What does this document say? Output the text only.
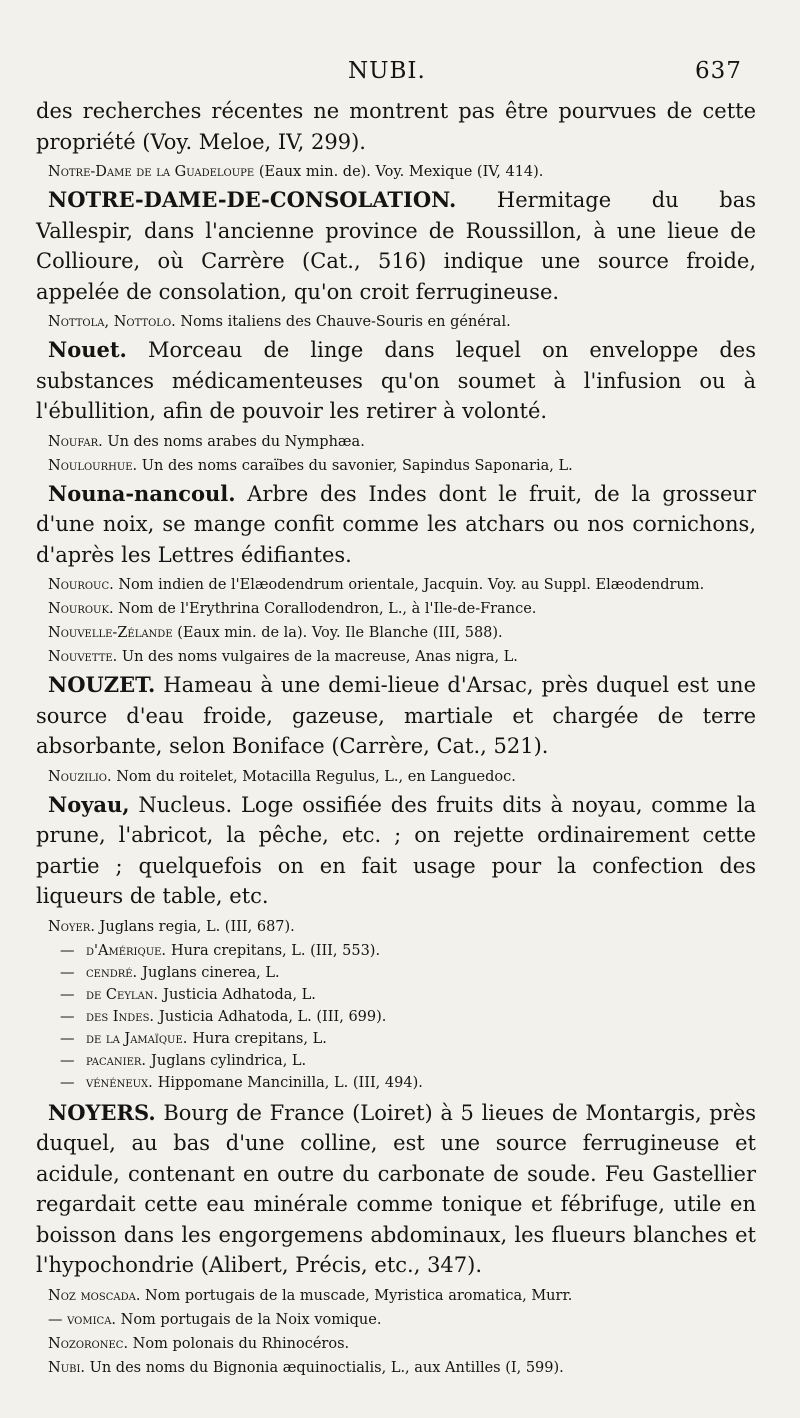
NUBI.	637
des recherches récentes ne montrent pas être pourvues de cette propriété (Voy. Meloe, IV, 299).
Notre-Dame de la Guadeloupe (Eaux min. de). Voy. Mexique (IV, 414).
NOTRE-DAME-DE-CONSOLATION. Hermitage du bas Vallespir, dans l'ancienne province de Roussillon, à une lieue de Collioure, où Carrère (Cat., 516) indique une source froide, appelée de consolation, qu'on croit ferrugineuse.
Nottola, Nottolo. Noms italiens des Chauve-Souris en général.
Nouet. Morceau de linge dans lequel on enveloppe des substances médicamenteuses qu'on soumet à l'infusion ou à l'ébullition, afin de pouvoir les retirer à volonté.
Noufar. Un des noms arabes du Nymphæa.
Noulourhue. Un des noms caraïbes du savonier, Sapindus Saponaria, L.
Nouna-nancoul. Arbre des Indes dont le fruit, de la grosseur d'une noix, se mange confit comme les atchars ou nos cornichons, d'après les Lettres édifiantes.
Nourouc. Nom indien de l'Elæodendrum orientale, Jacquin. Voy. au Suppl. Elæodendrum.
Nourouk. Nom de l'Erythrina Corallodendron, L., à l'Ile-de-France.
Nouvelle-Zélande (Eaux min. de la). Voy. Ile Blanche (III, 588).
Nouvette. Un des noms vulgaires de la macreuse, Anas nigra, L.
NOUZET. Hameau à une demi-lieue d'Arsac, près duquel est une source d'eau froide, gazeuse, martiale et chargée de terre absorbante, selon Boniface (Carrère, Cat., 521).
Nouzilio. Nom du roitelet, Motacilla Regulus, L., en Languedoc.
Noyau, Nucleus. Loge ossifiée des fruits dits à noyau, comme la prune, l'abricot, la pêche, etc. ; on rejette ordinairement cette partie ; quelquefois on en fait usage pour la confection des liqueurs de table, etc.
Noyer. Juglans regia, L. (III, 687).
— d'Amérique. Hura crepitans, L. (III, 553).
— cendré. Juglans cinerea, L.
— de Ceylan. Justicia Adhatoda, L.
— des Indes. Justicia Adhatoda, L. (III, 699).
— de la Jamaïque. Hura crepitans, L.
— pacanier. Juglans cylindrica, L.
— vénéneux. Hippomane Mancinilla, L. (III, 494).
NOYERS. Bourg de France (Loiret) à 5 lieues de Montargis, près duquel, au bas d'une colline, est une source ferrugineuse et acidule, contenant en outre du carbonate de soude. Feu Gastellier regardait cette eau minérale comme tonique et fébrifuge, utile en boisson dans les engorgemens abdominaux, les flueurs blanches et l'hypochondrie (Alibert, Précis, etc., 347).
Noz moscada. Nom portugais de la muscade, Myristica aromatica, Murr.
— vomica. Nom portugais de la Noix vomique.
Nozoronec. Nom polonais du Rhinocéros.
Nubi. Un des noms du Bignonia æquinoctialis, L., aux Antilles (I, 599).
